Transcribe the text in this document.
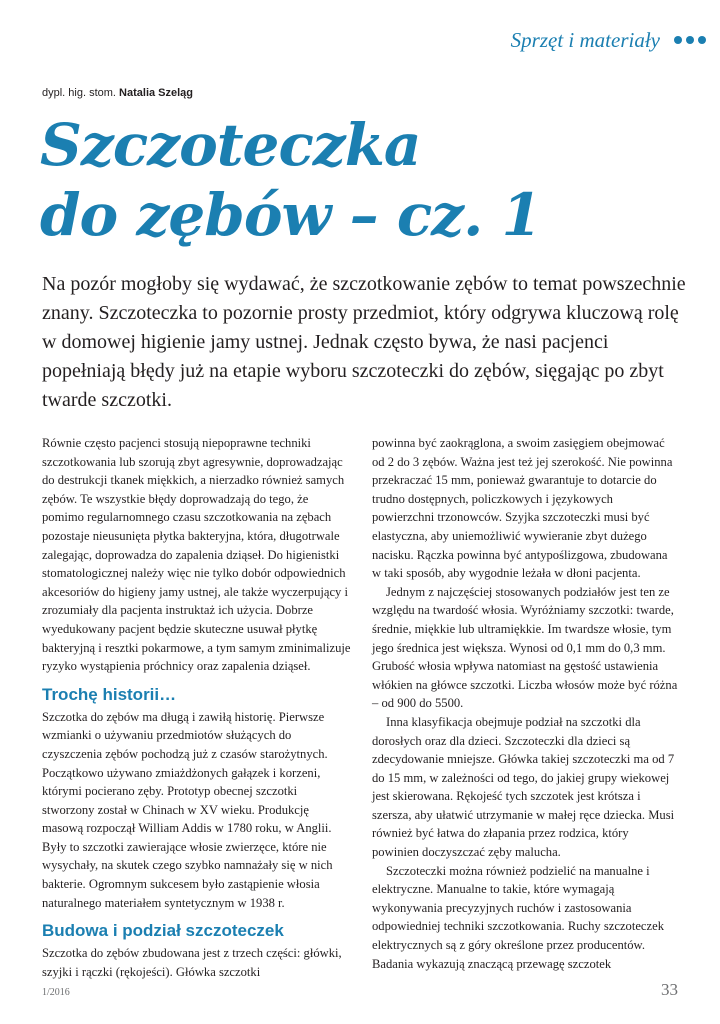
Sprzęt i materiały
dypl. hig. stom. Natalia Szeląg
Szczoteczka
do zębów – cz. 1
Na pozór mogłoby się wydawać, że szczotkowanie zębów to temat powszechnie znany. Szczoteczka to pozornie prosty przedmiot, który odgrywa kluczową rolę w domowej higienie jamy ustnej. Jednak często bywa, że nasi pacjenci popełniają błędy już na etapie wyboru szczoteczki do zębów, sięgając po zbyt twarde szczotki.

Równie często pacjenci stosują niepoprawne techniki szczotkowania lub szorują zbyt agresywnie, doprowadzając do destrukcji tkanek miękkich, a nierzadko również samych zębów. Te wszystkie błędy doprowadzają do tego, że pomimo regularnomnego czasu szczotkowania na zębach pozostaje nieusunięta płytka bakteryjna, która, długotrwale zalegając, doprowadza do zapalenia dziąseł. Do higienistki stomatologicznej należy więc nie tylko dobór odpowiednich akcesoriów do higieny jamy ustnej, ale także wyczerpujący i zrozumiały dla pacjenta instruktaż ich użycia. Dobrze wyedukowany pacjent będzie skuteczne usuwał płytkę bakteryjną i resztki pokarmowe, a tym samym zminimalizuje ryzyko wystąpienia próchnicy oraz zapalenia dziąseł.

Trochę historii…

Szczotka do zębów ma długą i zawiłą historię. Pierwsze wzmianki o używaniu przedmiotów służących do czyszczenia zębów pochodzą już z czasów starożytnych. Początkowo używano zmiażdżonych gałązek i korzeni, którymi pocierano zęby. Prototyp obecnej szczotki stworzony został w Chinach w XV wieku. Produkcję masową rozpoczął William Addis w 1780 roku, w Anglii. Były to szczotki zawierające włosie zwierzęce, które nie wysychały, na skutek czego szybko namnażały się w nich bakterie. Ogromnym sukcesem było zastąpienie włosia naturalnego materiałem syntetycznym w 1938 r.

Budowa i podział szczoteczek

Szczotka do zębów zbudowana jest z trzech części: główki, szyjki i rączki (rękojeści). Główka szczotki

powinna być zaokrąglona, a swoim zasięgiem obejmować od 2 do 3 zębów. Ważna jest też jej szerokość. Nie powinna przekraczać 15 mm, ponieważ gwarantuje to dotarcie do trudno dostępnych, policzkowych i językowych powierzchni trzonowców. Szyjka szczoteczki musi być elastyczna, aby uniemożliwić wywieranie zbyt dużego nacisku. Rączka powinna być antypoślizgowa, zbudowana w taki sposób, aby wygodnie leżała w dłoni pacjenta.

Jednym z najczęściej stosowanych podziałów jest ten ze względu na twardość włosia. Wyróżniamy szczotki: twarde, średnie, miękkie lub ultramiękkie. Im twardsze włosie, tym jego średnica jest większa. Wynosi od 0,1 mm do 0,3 mm. Grubość włosia wpływa natomiast na gęstość ustawienia włókien na główce szczotki. Liczba włosów może być różna – od 900 do 5500.

Inna klasyfikacja obejmuje podział na szczotki dla dorosłych oraz dla dzieci. Szczoteczki dla dzieci są zdecydowanie mniejsze. Główka takiej szczoteczki ma od 7 do 15 mm, w zależności od tego, do jakiej grupy wiekowej jest skierowana. Rękojeść tych szczotek jest krótsza i szersza, aby ułatwić utrzymanie w małej ręce dziecka. Musi również być łatwa do złapania przez rodzica, który powinien doczyszczać zęby malucha.

Szczoteczki można również podzielić na manualne i elektryczne. Manualne to takie, które wymagają wykonywania precyzyjnych ruchów i zastosowania odpowiedniej techniki szczotkowania. Ruchy szczoteczek elektrycznych są z góry określone przez producentów. Badania wykazują znaczącą przewagę szczotek

1/2016	33
